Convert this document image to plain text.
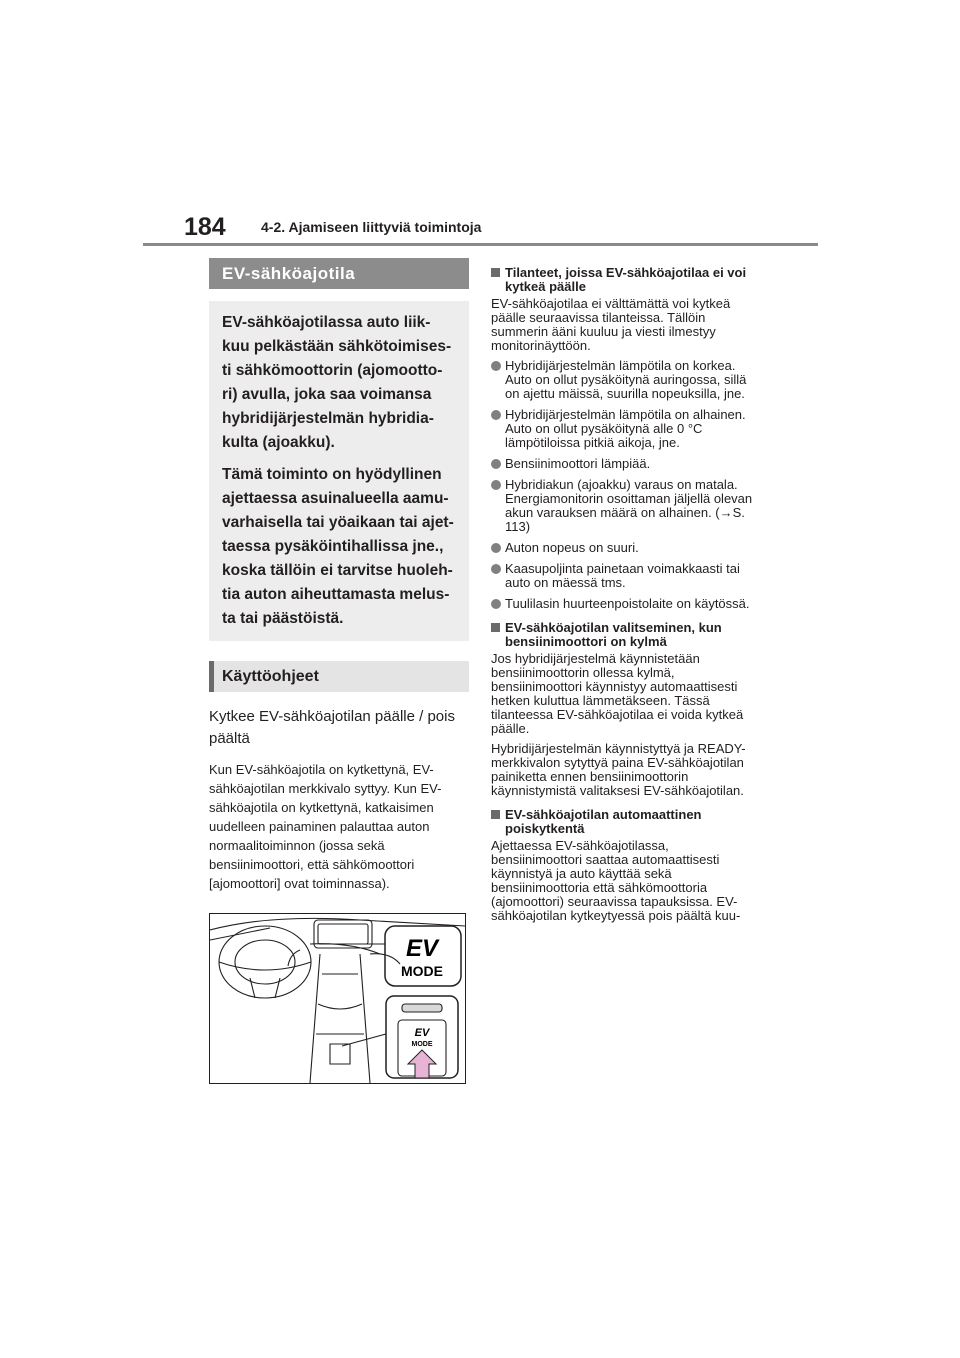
184	4-2. Ajamiseen liittyviä toimintoja
EV-sähköajotila

EV-sähköajotilassa auto liik- kuu pelkästään sähkötoimises- ti sähkömoottorin (ajomootto- ri) avulla, joka saa voimansa hybridijärjestelmän hybridia- kulta (ajoakku).

Tämä toiminto on hyödyllinen ajettaessa asuinalueella aamu- varhaisella tai yöaikaan tai ajet- taessa pysäköintihallissa jne., koska tällöin ei tarvitse huoleh- tia auton aiheuttamasta melus- ta tai päästöistä.

Käyttöohjeet

Kytkee EV-sähköajotilan päälle / pois päältä

Kun EV-sähköajotila on kytkettynä, EV-sähköajotilan merkkivalo syttyy. Kun EV-sähköajotila on kytkettynä, katkaisimen uudelleen painaminen palauttaa auton normaalitoiminnon (jossa sekä bensiinimoottori, että sähkömoottori [ajomoottori] ovat toiminnassa).

EV
MODE
EV
MODE
Tilanteet, joissa EV-sähköajotilaa ei voi kytkeä päälle

EV-sähköajotilaa ei välttämättä voi kytkeä päälle seuraavissa tilanteissa. Tällöin summerin ääni kuuluu ja viesti ilmestyy monitorinäyttöön.

Hybridijärjestelmän lämpötila on korkea. Auto on ollut pysäköitynä auringossa, sillä on ajettu mäissä, suurilla nopeuksilla, jne.
Hybridijärjestelmän lämpötila on alhainen. Auto on ollut pysäköitynä alle 0 °C lämpötiloissa pitkiä aikoja, jne.
Bensiinimoottori lämpiää.
Hybridiakun (ajoakku) varaus on matala. Energiamonitorin osoittaman jäljellä olevan akun varauksen määrä on alhainen. (→S. 113)
Auton nopeus on suuri.
Kaasupoljinta painetaan voimakkaasti tai auto on mäessä tms.
Tuulilasin huurteenpoistolaite on käytössä.
EV-sähköajotilan valitseminen, kun bensiinimoottori on kylmä

Jos hybridijärjestelmä käynnistetään bensiinimoottorin ollessa kylmä, bensiinimoottori käynnistyy automaattisesti hetken kuluttua lämmetäkseen. Tässä tilanteessa EV-sähköajotilaa ei voida kytkeä päälle.

Hybridijärjestelmän käynnistyttyä ja READY-merkkivalon sytyttyä paina EV-sähköajotilan painiketta ennen bensiinimoottorin käynnistymistä valitaksesi EV-sähköajotilan.

EV-sähköajotilan automaattinen poiskytkentä

Ajettaessa EV-sähköajotilassa, bensiinimoottori saattaa automaattisesti käynnistyä ja auto käyttää sekä bensiinimoottoria että sähkömoottoria (ajomoottori) seuraavissa tapauksissa. EV-sähköajotilan kytkeytyessä pois päältä kuu-
